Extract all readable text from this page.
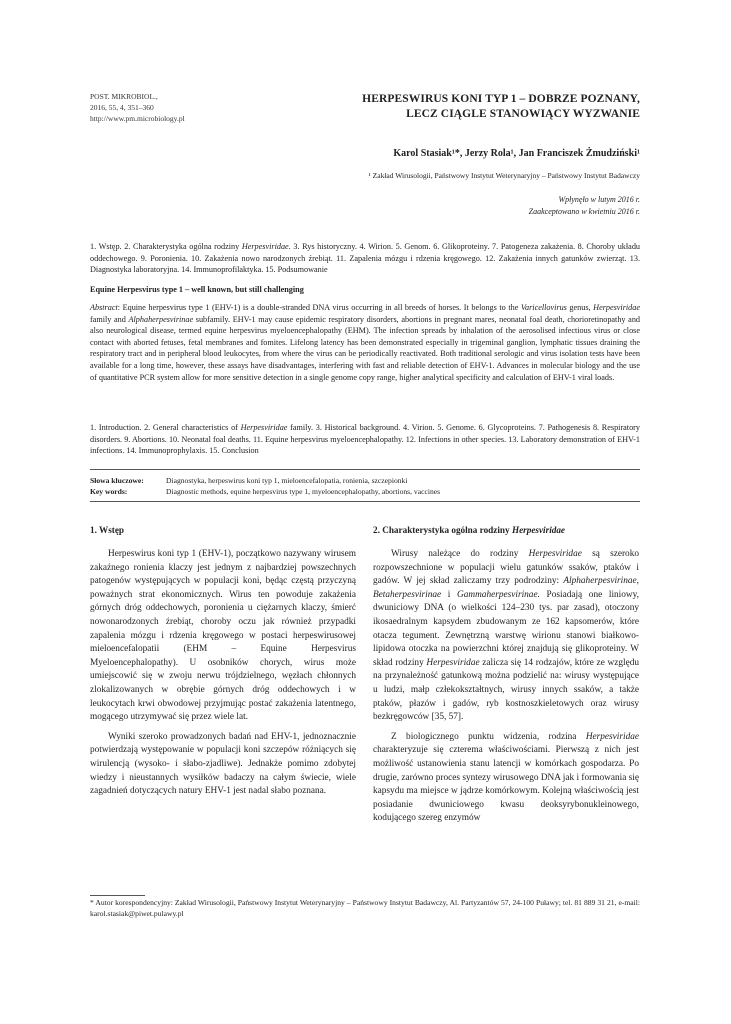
POST. MIKROBIOL.,
2016, 55, 4, 351–360
http://www.pm.microbiology.pl
HERPESWIRUS KONI TYP 1 – DOBRZE POZNANY,
LECZ CIĄGLE STANOWIĄCY WYZWANIE
Karol Stasiak¹*, Jerzy Rola¹, Jan Franciszek Żmudziński¹
¹ Zakład Wirusologii, Państwowy Instytut Weterynaryjny – Państwowy Instytut Badawczy
Wpłynęło w lutym 2016 r.
Zaakceptowano w kwietniu 2016 r.
1. Wstęp. 2. Charakterystyka ogólna rodziny Herpesviridae. 3. Rys historyczny. 4. Wirion. 5. Genom. 6. Glikoproteiny. 7. Patogeneza zakażenia. 8. Choroby układu oddechowego. 9. Poronienia. 10. Zakażenia nowo narodzonych źrebiąt. 11. Zapalenia mózgu i rdzenia kręgowego. 12. Zakażenia innych gatunków zwierząt. 13. Diagnostyka laboratoryjna. 14. Immunoprofilaktyka. 15. Podsumowanie
Equine Herpesvirus type 1 – well known, but still challenging
Abstract: Equine herpesvirus type 1 (EHV-1) is a double-stranded DNA virus occurring in all breeds of horses. It belongs to the Varicellovirus genus, Herpesviridae family and Alphaherpesvirinae subfamily. EHV-1 may cause epidemic respiratory disorders, abortions in pregnant mares, neonatal foal death, chorioretinopathy and also neurological disease, termed equine herpesvirus myeloencephalopathy (EHM). The infection spreads by inhalation of the aerosolised infectious virus or close contact with aborted fetuses, fetal membranes and fomites. Lifelong latency has been demonstrated especially in trigeminal ganglion, lymphatic tissues draining the respiratory tract and in peripheral blood leukocytes, from where the virus can be periodically reactivated. Both traditional serologic and virus isolation tests have been available for a long time, however, these assays have disadvantages, interfering with fast and reliable detection of EHV-1. Advances in molecular biology and the use of quantitative PCR system allow for more sensitive detection in a single genome copy range, higher analytical specificity and calculation of EHV-1 viral loads.
1. Introduction. 2. General characteristics of Herpesviridae family. 3. Historical background. 4. Virion. 5. Genome. 6. Glycoproteins. 7. Pathogenesis 8. Respiratory disorders. 9. Abortions. 10. Neonatal foal deaths. 11. Equine herpesvirus myeloencephalopathy. 12. Infections in other species. 13. Laboratory demonstration of EHV-1 infections. 14. Immunoprophylaxis. 15. Conclusion
Słowa kluczowe:	Diagnostyka, herpeswirus koni typ 1, mieloencefalopatia, ronienia, szczepionki
Key words:	Diagnostic methods, equine herpesvirus type 1, myeloencephalopathy, abortions, vaccines
1. Wstęp

Herpeswirus koni typ 1 (EHV-1), początkowo nazywany wirusem zakaźnego ronienia klaczy jest jednym z najbardziej powszechnych patogenów występujących w populacji koni, będąc częstą przyczyną poważnych strat ekonomicznych. Wirus ten powoduje zakażenia górnych dróg oddechowych, poronienia u ciężarnych klaczy, śmierć nowonarodzonych źrebiąt, choroby oczu jak również przypadki zapalenia mózgu i rdzenia kręgowego w postaci herpeswirusowej mieloencefalopatii (EHM – Equine Herpesvirus Myeloencephalopathy). U osobników chorych, wirus może umiejscowić się w zwoju nerwu trójdzielnego, węzłach chłonnych zlokalizowanych w obrębie górnych dróg oddechowych i w leukocytach krwi obwodowej przyjmując postać zakażenia latentnego, mogącego utrzymywać się przez wiele lat.

Wyniki szeroko prowadzonych badań nad EHV-1, jednoznacznie potwierdzają występowanie w populacji koni szczepów różniących się wirulencją (wysoko- i słabo-zjadliwe). Jednakże pomimo zdobytej wiedzy i nieustannych wysiłków badaczy na całym świecie, wiele zagadnień dotyczących natury EHV-1 jest nadal słabo poznana.

2. Charakterystyka ogólna rodziny Herpesviridae

Wirusy należące do rodziny Herpesviridae są szeroko rozpowszechnione w populacji wielu gatunków ssaków, ptaków i gadów. W jej skład zaliczamy trzy podrodziny: Alphaherpesvirinae, Betaherpesvirinae i Gammaherpesvirinae. Posiadają one liniowy, dwuniciowy DNA (o wielkości 124–230 tys. par zasad), otoczony ikosaedralnym kapsydem zbudowanym ze 162 kapsomerów, które otacza tegument. Zewnętrzną warstwę wirionu stanowi białkowo-lipidowa otoczka na powierzchni której znajdują się glikoproteiny. W skład rodziny Herpesviridae zalicza się 14 rodzajów, które ze względu na przynależność gatunkową można podzielić na: wirusy występujące u ludzi, małp człekokształtnych, wirusy innych ssaków, a także ptaków, płazów i gadów, ryb kostnoszkieletowych oraz wirusy bezkręgowców [35, 57].

Z biologicznego punktu widzenia, rodzina Herpesviridae charakteryzuje się czterema właściwościami. Pierwszą z nich jest możliwość ustanowienia stanu latencji w komórkach gospodarza. Po drugie, zarówno proces syntezy wirusowego DNA jak i formowania się kapsydu ma miejsce w jądrze komórkowym. Kolejną właściwością jest posiadanie dwuniciowego kwasu deoksyrybonukleinowego, kodującego szereg enzymów

* Autor korespondencyjny: Zakład Wirusologii, Państwowy Instytut Weterynaryjny – Państwowy Instytut Badawczy, Al. Partyzantów 57, 24-100 Puławy; tel. 81 889 31 21, e-mail: karol.stasiak@piwet.pulawy.pl
